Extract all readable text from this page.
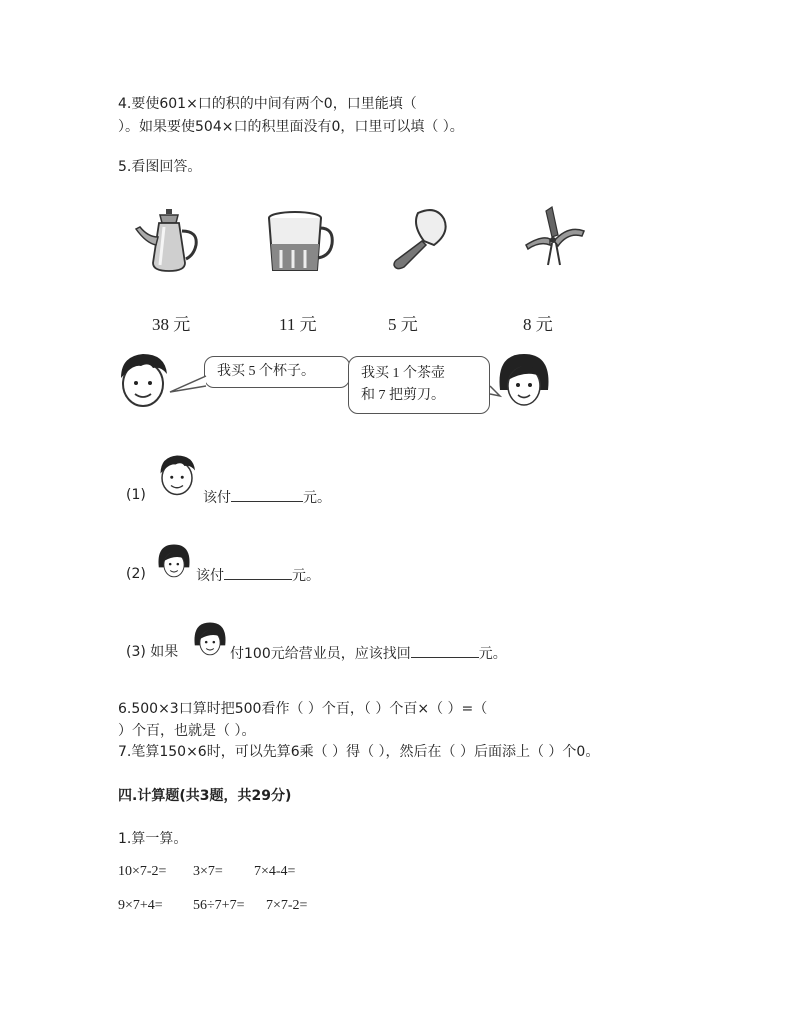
4.要使601×口的积的中间有两个0，口里能填（
）。如果要使504×口的积里面没有0，口里可以填（ ）。
5.看图回答。
38 元	11 元	5 元	8 元
我买 5 个杯子。	我买 1 个茶壶
和 7 把剪刀。
(1)	该付	元。
(2)	该付	元。
(3) 如果	付100元给营业员，应该找回	元。
6.500×3口算时把500看作（ ）个百，（ ）个百×（ ）=（
）个百，也就是（ ）。
7.笔算150×6时，可以先算6乘（ ）得（ ），然后在（ ）后面添上（ ）个0。
四.计算题(共3题，共29分)
1.算一算。
10×7-2= 3×7= 7×4-4=
9×7+4= 56÷7+7= 7×7-2=
